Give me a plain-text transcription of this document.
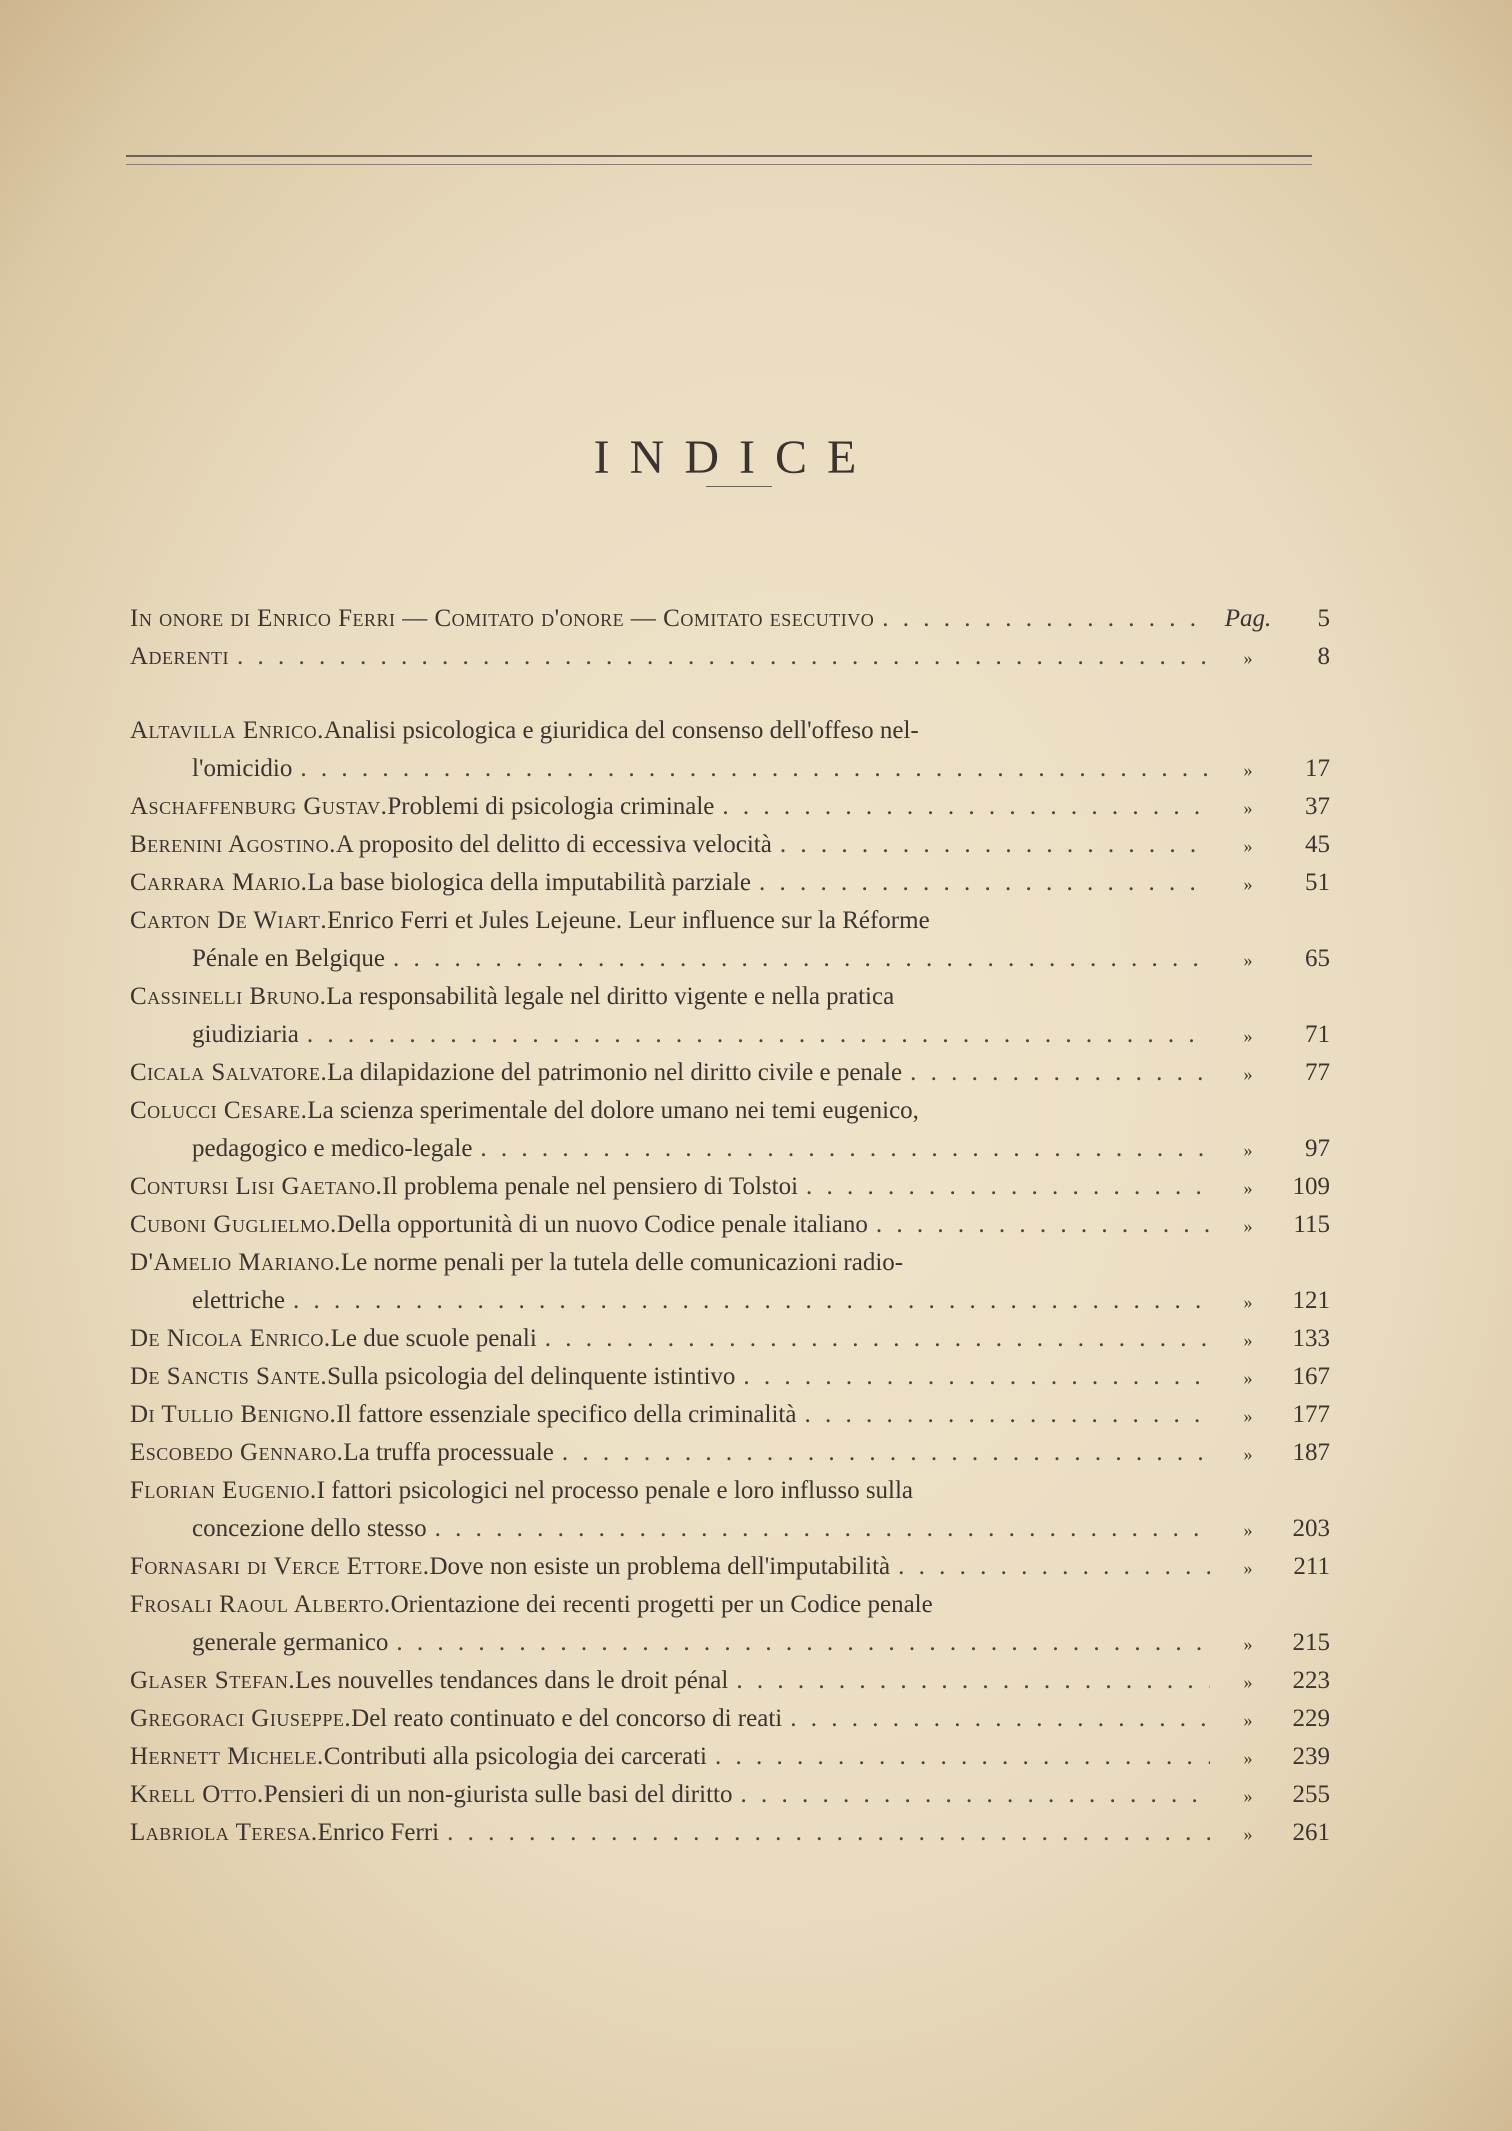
INDICE
In onore di Enrico Ferri — Comitato d'onore — Comitato esecutivo . . .	Pag.	5
Aderenti . . .	»	8
Altavilla Enrico. Analisi psicologica e giuridica del consenso dell'offeso nel-
l'omicidio . . .	»	17
Aschaffenburg Gustav. Problemi di psicologia criminale . . .	»	37
Berenini Agostino. A proposito del delitto di eccessiva velocità . . .	»	45
Carrara Mario. La base biologica della imputabilità parziale . . .	»	51
Carton De Wiart. Enrico Ferri et Jules Lejeune. Leur influence sur la Réforme
Pénale en Belgique . . .	»	65
Cassinelli Bruno. La responsabilità legale nel diritto vigente e nella pratica
giudiziaria . . .	»	71
Cicala Salvatore. La dilapidazione del patrimonio nel diritto civile e penale . . .	»	77
Colucci Cesare. La scienza sperimentale del dolore umano nei temi eugenico,
pedagogico e medico-legale . . .	»	97
Contursi Lisi Gaetano. Il problema penale nel pensiero di Tolstoi . . .	»	109
Cuboni Guglielmo. Della opportunità di un nuovo Codice penale italiano . . .	»	115
D'Amelio Mariano. Le norme penali per la tutela delle comunicazioni radio-
elettriche . . .	»	121
De Nicola Enrico. Le due scuole penali . . .	»	133
De Sanctis Sante. Sulla psicologia del delinquente istintivo . . .	»	167
Di Tullio Benigno. Il fattore essenziale specifico della criminalità . . .	»	177
Escobedo Gennaro. La truffa processuale . . .	»	187
Florian Eugenio. I fattori psicologici nel processo penale e loro influsso sulla
concezione dello stesso . . .	»	203
Fornasari di Verce Ettore. Dove non esiste un problema dell'imputabilità . . .	»	211
Frosali Raoul Alberto. Orientazione dei recenti progetti per un Codice penale
generale germanico . . .	»	215
Glaser Stefan. Les nouvelles tendances dans le droit pénal . . .	»	223
Gregoraci Giuseppe. Del reato continuato e del concorso di reati . . .	»	229
Hernett Michele. Contributi alla psicologia dei carcerati . . .	»	239
Krell Otto. Pensieri di un non-giurista sulle basi del diritto . . .	»	255
Labriola Teresa. Enrico Ferri . . .	»	261
